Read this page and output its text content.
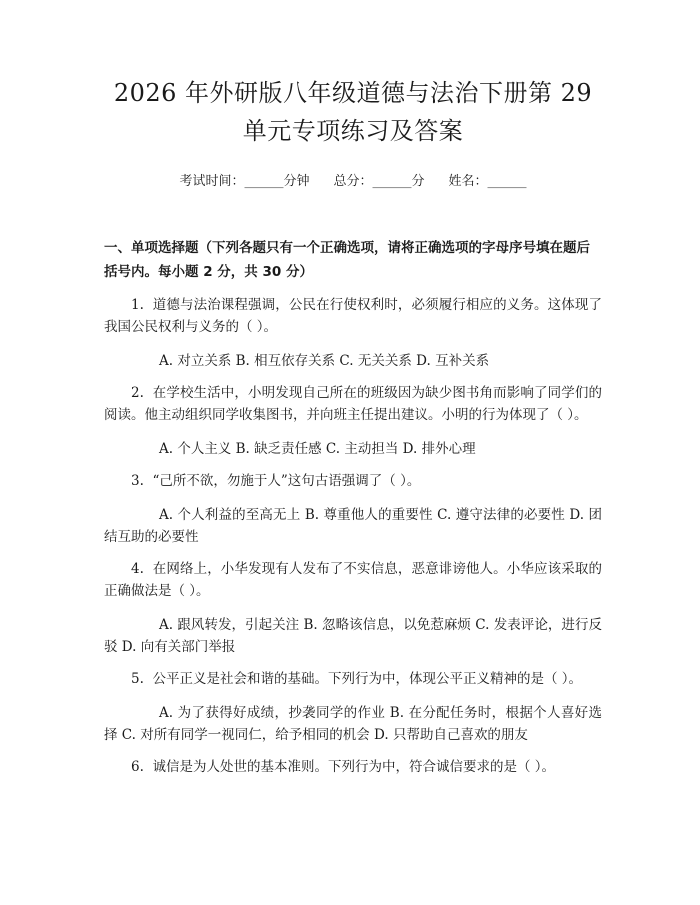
2026 年外研版八年级道德与法治下册第 29
单元专项练习及答案
考试时间：______分钟 总分：______分 姓名：______
一、单项选择题（下列各题只有一个正确选项，请将正确选项的字母序号填在题后括号内。每小题 2 分，共 30 分）
1. 道德与法治课程强调，公民在行使权利时，必须履行相应的义务。这体现了我国公民权利与义务的（ ）。
A. 对立关系 B. 相互依存关系 C. 无关关系 D. 互补关系
2. 在学校生活中，小明发现自己所在的班级因为缺少图书角而影响了同学们的阅读。他主动组织同学收集图书，并向班主任提出建议。小明的行为体现了（ ）。
A. 个人主义 B. 缺乏责任感 C. 主动担当 D. 排外心理
3. “己所不欲，勿施于人”这句古语强调了（ ）。
A. 个人利益的至高无上 B. 尊重他人的重要性 C. 遵守法律的必要性 D. 团结互助的必要性
4. 在网络上，小华发现有人发布了不实信息，恶意诽谤他人。小华应该采取的正确做法是（ ）。
A. 跟风转发，引起关注 B. 忽略该信息，以免惹麻烦 C. 发表评论，进行反驳 D. 向有关部门举报
5. 公平正义是社会和谐的基础。下列行为中，体现公平正义精神的是（ ）。
A. 为了获得好成绩，抄袭同学的作业 B. 在分配任务时，根据个人喜好选择 C. 对所有同学一视同仁，给予相同的机会 D. 只帮助自己喜欢的朋友
6. 诚信是为人处世的基本准则。下列行为中，符合诚信要求的是（ ）。
